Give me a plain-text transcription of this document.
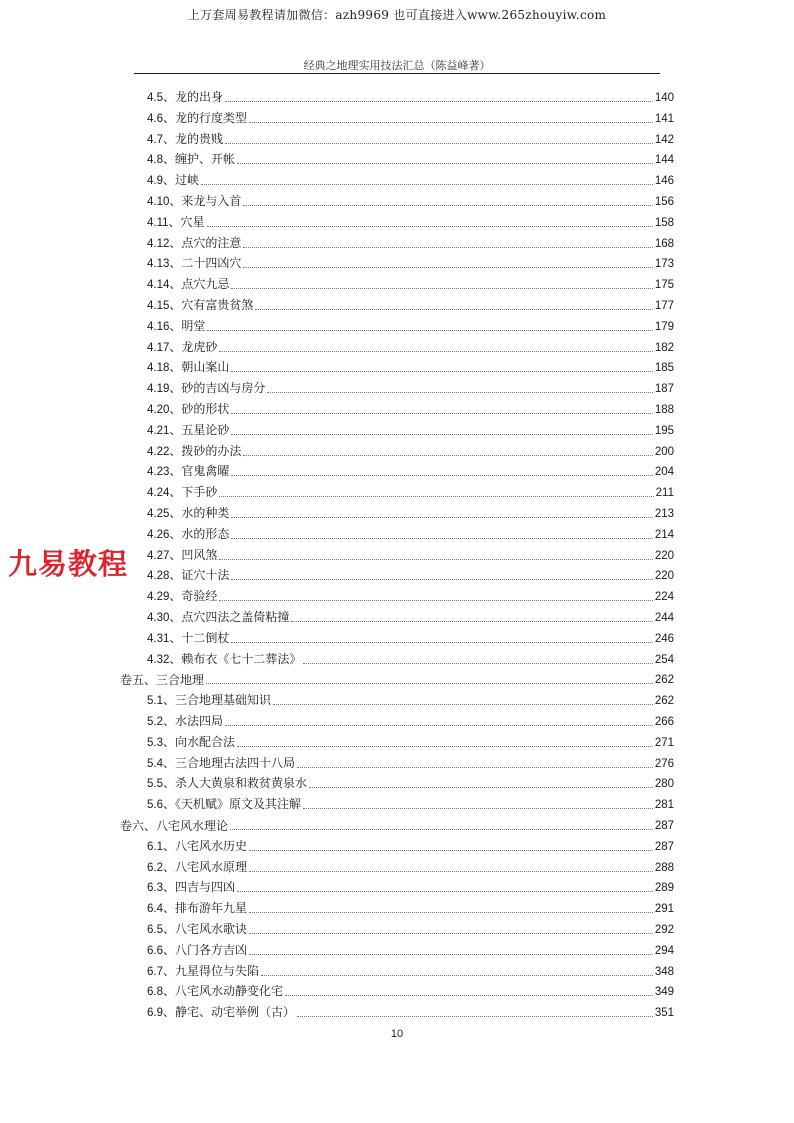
上万套周易教程请加微信：azh9969 也可直接进入www.265zhouyiw.com
经典之地理实用技法汇总（陈益峰著）
4.5、龙的出身	140
4.6、龙的行度类型	141
4.7、龙的贵贱	142
4.8、缠护、开帐	144
4.9、过峡	146
4.10、来龙与入首	156
4.11、穴星	158
4.12、点穴的注意	168
4.13、二十四凶穴	173
4.14、点穴九忌	175
4.15、穴有富贵贫煞	177
4.16、明堂	179
4.17、龙虎砂	182
4.18、朝山案山	185
4.19、砂的吉凶与房分	187
4.20、砂的形状	188
4.21、五星论砂	195
4.22、拨砂的办法	200
4.23、官鬼禽曜	204
4.24、下手砂	211
4.25、水的种类	213
4.26、水的形态	214
4.27、凹风煞	220
4.28、证穴十法	220
4.29、奇验经	224
4.30、点穴四法之盖倚粘撞	244
4.31、十二倒杖	246
4.32、赖布衣《七十二葬法》	254
卷五、三合地理	262
5.1、三合地理基础知识	262
5.2、水法四局	266
5.3、向水配合法	271
5.4、三合地理古法四十八局	276
5.5、杀人大黄泉和救贫黄泉水	280
5.6、《天机赋》原文及其注解	281
卷六、八宅风水理论	287
6.1、八宅风水历史	287
6.2、八宅风水原理	288
6.3、四吉与四凶	289
6.4、排布游年九星	291
6.5、八宅风水歌诀	292
6.6、八门各方吉凶	294
6.7、九星得位与失陷	348
6.8、八宅风水动静变化宅	349
6.9、静宅、动宅举例（古）	351
九易教程
10
